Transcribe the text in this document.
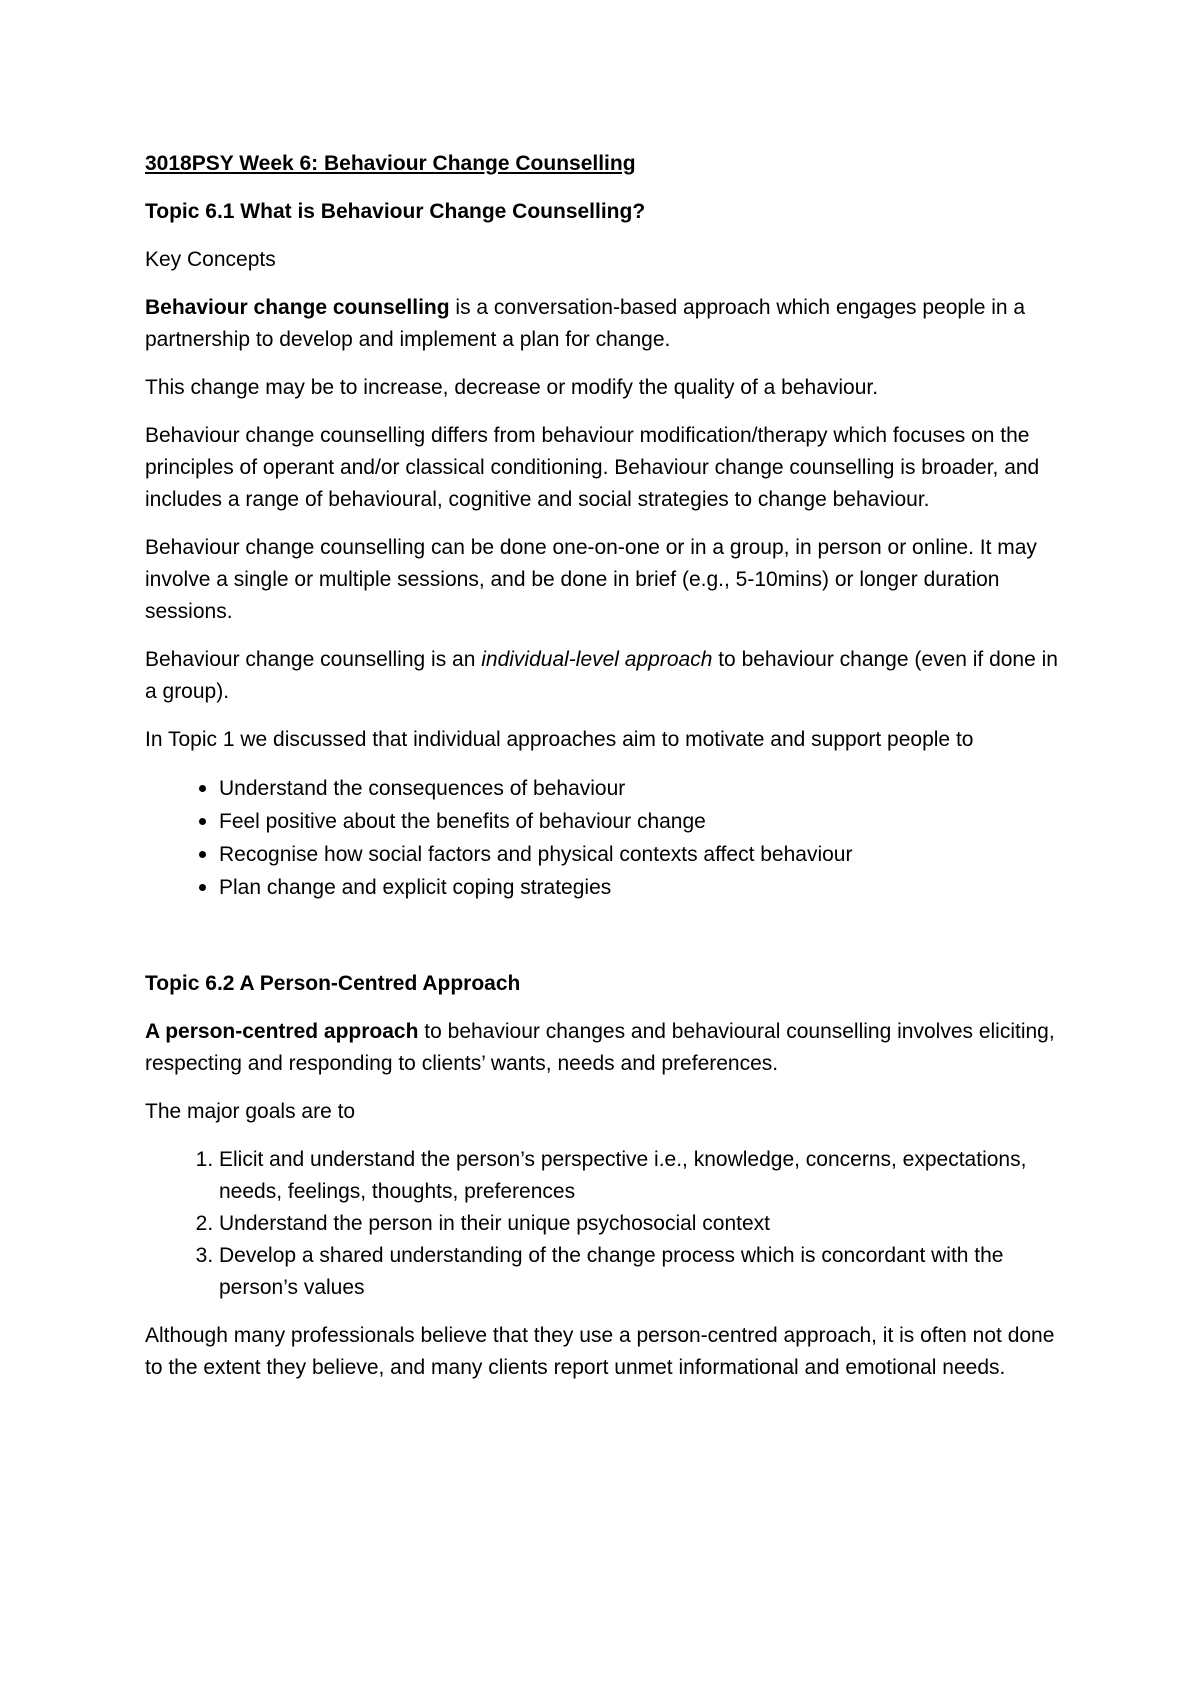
3018PSY Week 6: Behaviour Change Counselling

Topic 6.1 What is Behaviour Change Counselling?

Key Concepts

Behaviour change counselling is a conversation-based approach which engages people in a partnership to develop and implement a plan for change.

This change may be to increase, decrease or modify the quality of a behaviour.

Behaviour change counselling differs from behaviour modification/therapy which focuses on the principles of operant and/or classical conditioning. Behaviour change counselling is broader, and includes a range of behavioural, cognitive and social strategies to change behaviour.

Behaviour change counselling can be done one-on-one or in a group, in person or online. It may involve a single or multiple sessions, and be done in brief (e.g., 5-10mins) or longer duration sessions.

Behaviour change counselling is an individual-level approach to behaviour change (even if done in a group).

In Topic 1 we discussed that individual approaches aim to motivate and support people to

• Understand the consequences of behaviour
• Feel positive about the benefits of behaviour change
• Recognise how social factors and physical contexts affect behaviour
• Plan change and explicit coping strategies

Topic 6.2 A Person-Centred Approach

A person-centred approach to behaviour changes and behavioural counselling involves eliciting, respecting and responding to clients’ wants, needs and preferences.

The major goals are to

1. Elicit and understand the person’s perspective i.e., knowledge, concerns, expectations, needs, feelings, thoughts, preferences
2. Understand the person in their unique psychosocial context
3. Develop a shared understanding of the change process which is concordant with the person’s values

Although many professionals believe that they use a person-centred approach, it is often not done to the extent they believe, and many clients report unmet informational and emotional needs.
